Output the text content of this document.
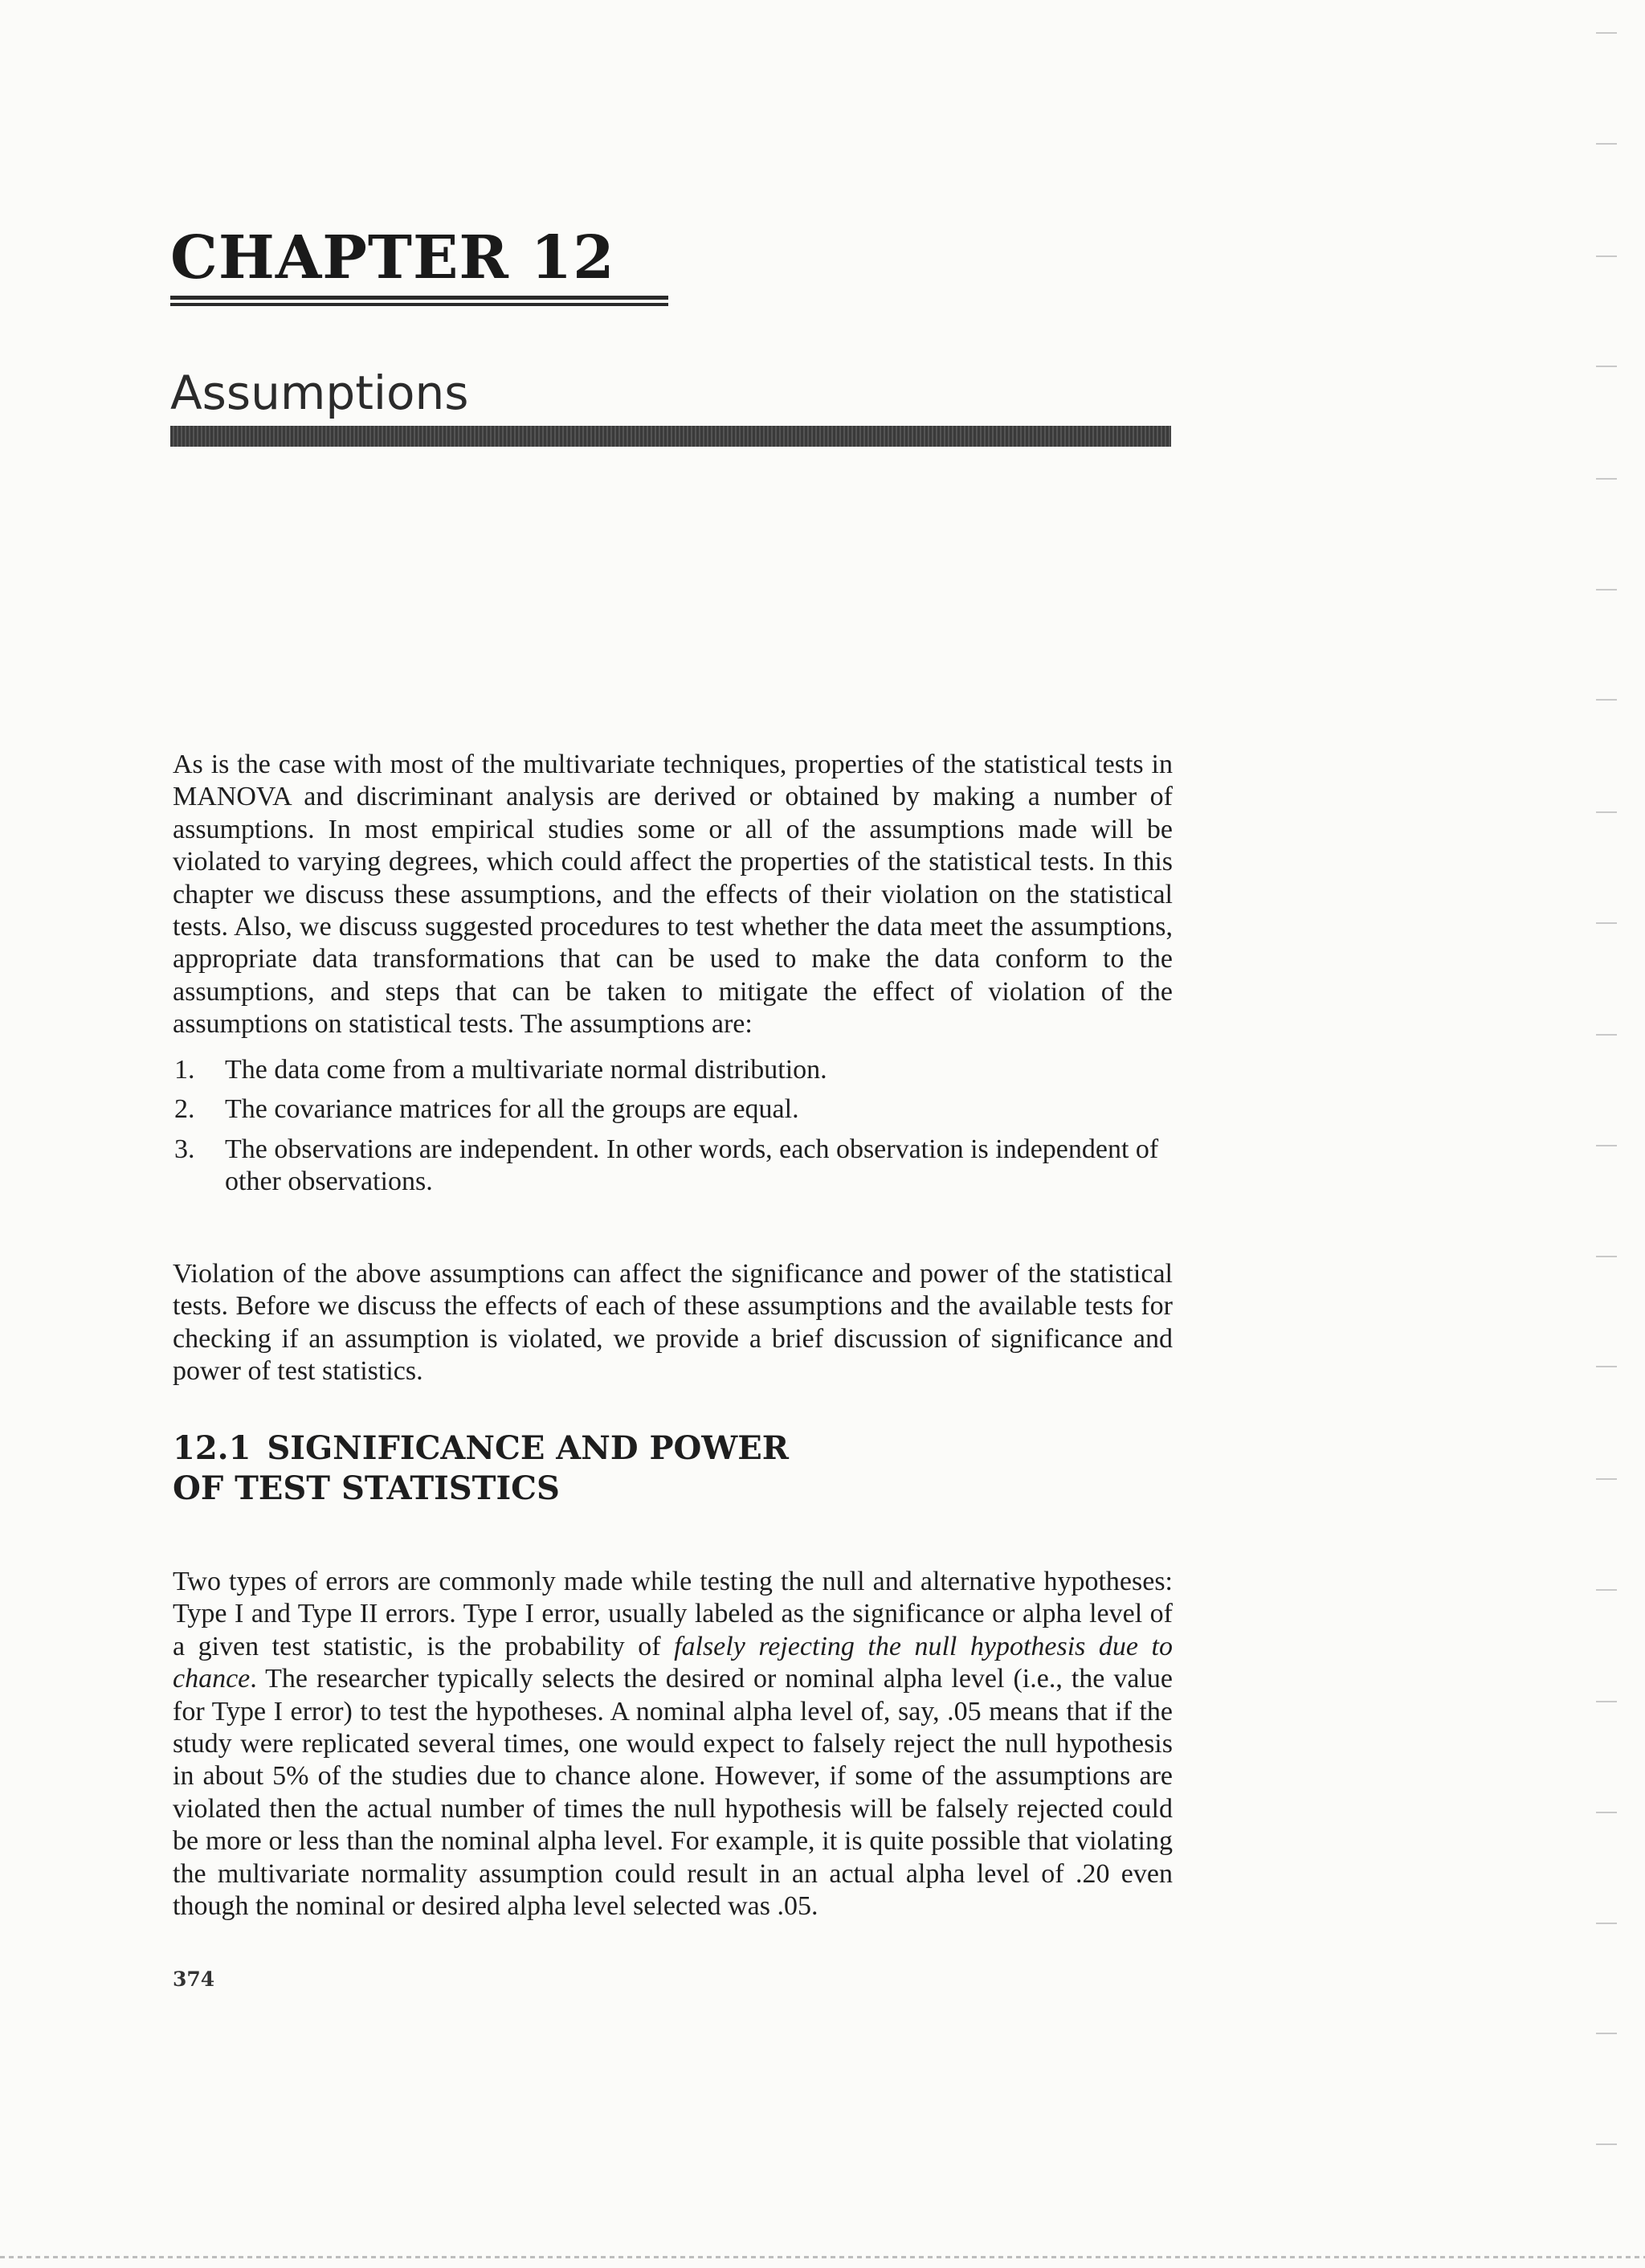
CHAPTER 12
Assumptions

As is the case with most of the multivariate techniques, properties of the statistical tests in MANOVA and discriminant analysis are derived or obtained by making a number of assumptions. In most empirical studies some or all of the assumptions made will be violated to varying degrees, which could affect the properties of the statistical tests. In this chapter we discuss these assumptions, and the effects of their violation on the statistical tests. Also, we discuss suggested procedures to test whether the data meet the assumptions, appropriate data transformations that can be used to make the data conform to the assumptions, and steps that can be taken to mitigate the effect of violation of the assumptions on statistical tests. The assumptions are:

1. The data come from a multivariate normal distribution.
2. The covariance matrices for all the groups are equal.
3. The observations are independent. In other words, each observation is independent of other observations.

Violation of the above assumptions can affect the significance and power of the statistical tests. Before we discuss the effects of each of these assumptions and the available tests for checking if an assumption is violated, we provide a brief discussion of significance and power of test statistics.

12.1 SIGNIFICANCE AND POWER
OF TEST STATISTICS

Two types of errors are commonly made while testing the null and alternative hypotheses: Type I and Type II errors. Type I error, usually labeled as the significance or alpha level of a given test statistic, is the probability of falsely rejecting the null hypothesis due to chance. The researcher typically selects the desired or nominal alpha level (i.e., the value for Type I error) to test the hypotheses. A nominal alpha level of, say, .05 means that if the study were replicated several times, one would expect to falsely reject the null hypothesis in about 5% of the studies due to chance alone. However, if some of the assumptions are violated then the actual number of times the null hypothesis will be falsely rejected could be more or less than the nominal alpha level. For example, it is quite possible that violating the multivariate normality assumption could result in an actual alpha level of .20 even though the nominal or desired alpha level selected was .05.

374
